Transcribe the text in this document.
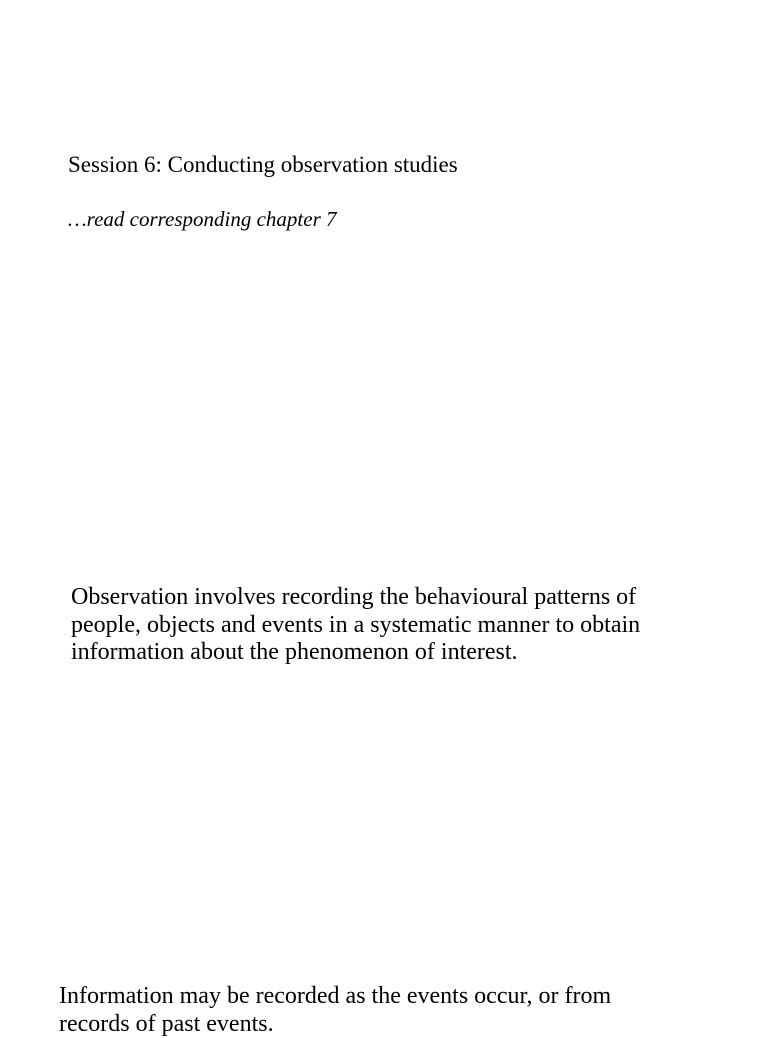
Session 6: Conducting observation studies

…read corresponding chapter 7

Observation involves recording the behavioural patterns of
people, objects and events in a systematic manner to obtain
information about the phenomenon of interest.
Information may be recorded as the events occur, or from
records of past events.
